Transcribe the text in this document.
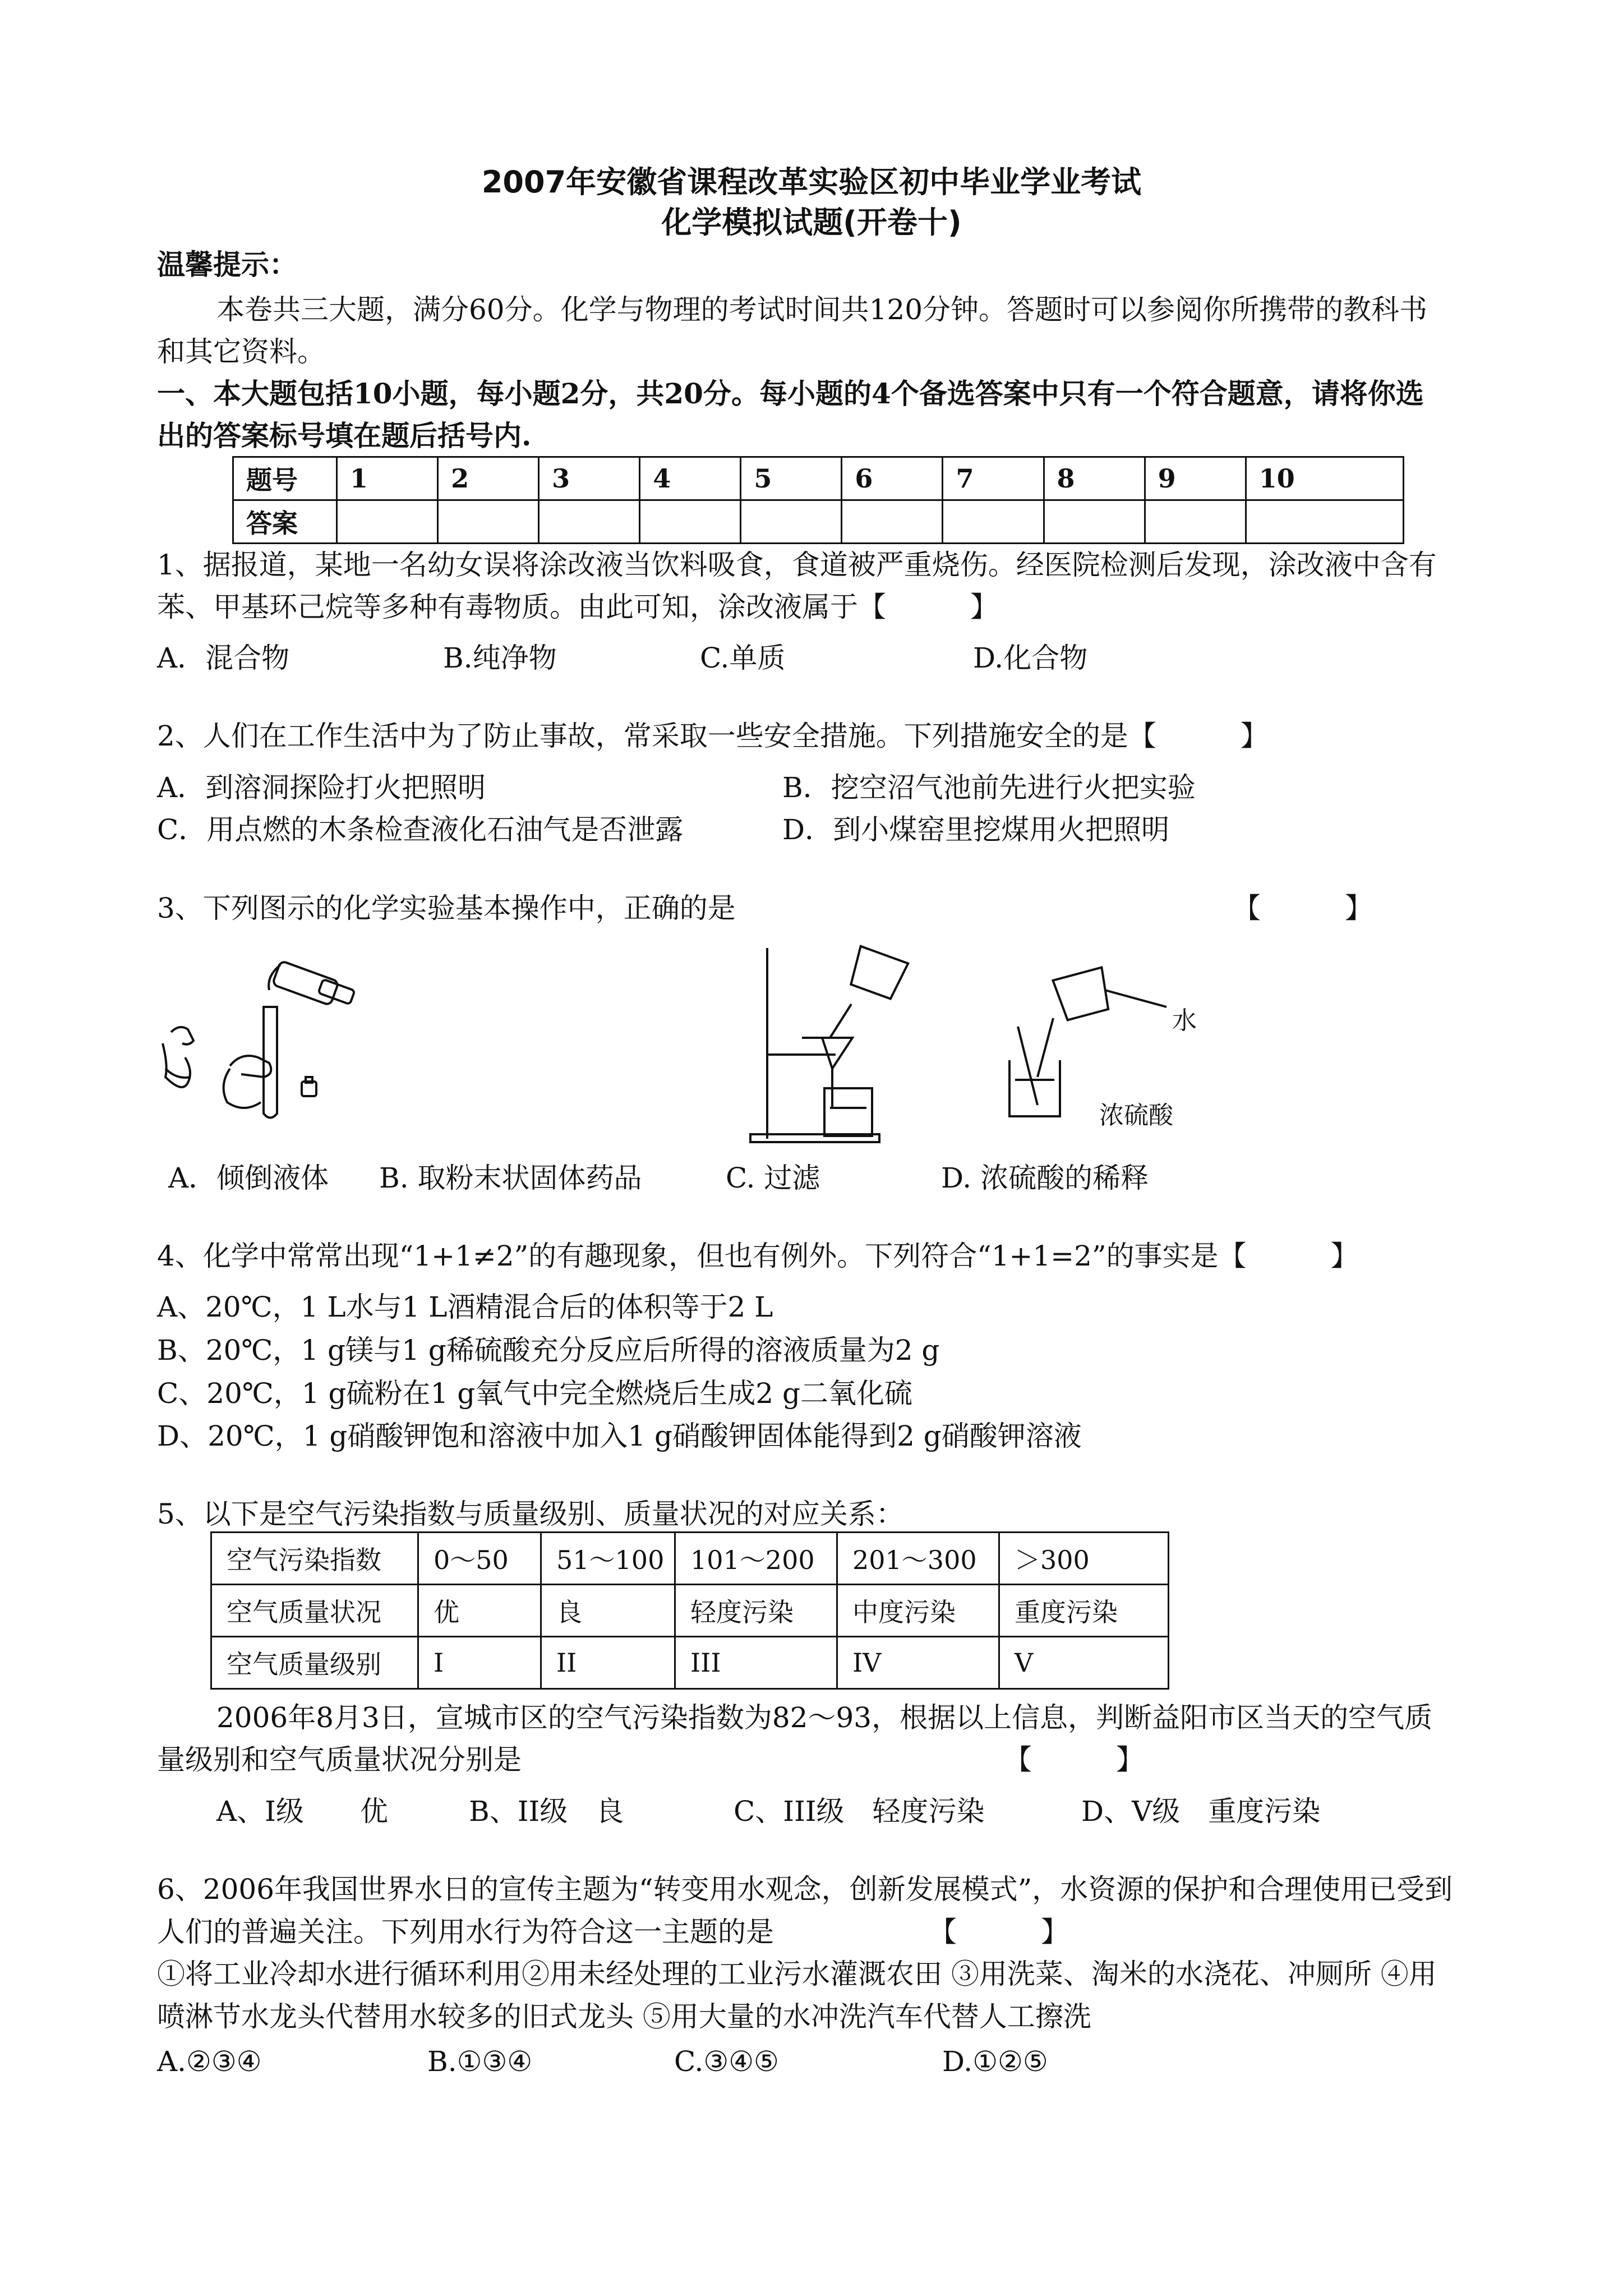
2007年安徽省课程改革实验区初中毕业学业考试
化学模拟试题(开卷十)
温馨提示：
本卷共三大题，满分60分。化学与物理的考试时间共120分钟。答题时可以参阅你所携带的教科书
和其它资料。
一、本大题包括10小题，每小题2分，共20分。每小题的4个备选答案中只有一个符合题意，请将你选
出的答案标号填在题后括号内.
题号	1	2	3	4	5	6	7	8	9	10
答案										
1、据报道，某地一名幼女误将涂改液当饮料吸食，食道被严重烧伤。经医院检测后发现，涂改液中含有
苯、甲基环己烷等多种有毒物质。由此可知，涂改液属于【　　　】
A．混合物	B.纯净物	C.单质	D.化合物
2、人们在工作生活中为了防止事故，常采取一些安全措施。下列措施安全的是【　　　】
A．到溶洞探险打火把照明	B．挖空沼气池前先进行火把实验
C．用点燃的木条检查液化石油气是否泄露	D．到小煤窑里挖煤用火把照明
3、下列图示的化学实验基本操作中，正确的是	【　　　】
水
浓硫酸
A．倾倒液体 B. 取粉末状固体药品	C. 过滤	D. 浓硫酸的稀释
4、化学中常常出现“1+1≠2”的有趣现象，但也有例外。下列符合“1+1=2”的事实是【　　　】
A、20℃，1 L水与1 L酒精混合后的体积等于2 L
B、20℃，1 g镁与1 g稀硫酸充分反应后所得的溶液质量为2 g
C、20℃，1 g硫粉在1 g氧气中完全燃烧后生成2 g二氧化硫
D、20℃，1 g硝酸钾饱和溶液中加入1 g硝酸钾固体能得到2 g硝酸钾溶液
5、以下是空气污染指数与质量级别、质量状况的对应关系：
空气污染指数	0～50	51～100	101～200	201～300	＞300
空气质量状况	优	良	轻度污染	中度污染	重度污染
空气质量级别	I	II	III	IV	V
2006年8月3日，宣城市区的空气污染指数为82～93，根据以上信息，判断益阳市区当天的空气质
量级别和空气质量状况分别是	【　　　】
A、I级　　优	B、II级　良	C、III级　轻度污染	D、V级　重度污染
6、2006年我国世界水日的宣传主题为“转变用水观念，创新发展模式”，水资源的保护和合理使用已受到
人们的普遍关注。下列用水行为符合这一主题的是	【　　　】
①将工业冷却水进行循环利用②用未经处理的工业污水灌溉农田 ③用洗菜、淘米的水浇花、冲厕所 ④用
喷淋节水龙头代替用水较多的旧式龙头 ⑤用大量的水冲洗汽车代替人工擦洗
A.②③④	B.①③④	C.③④⑤	D.①②⑤
